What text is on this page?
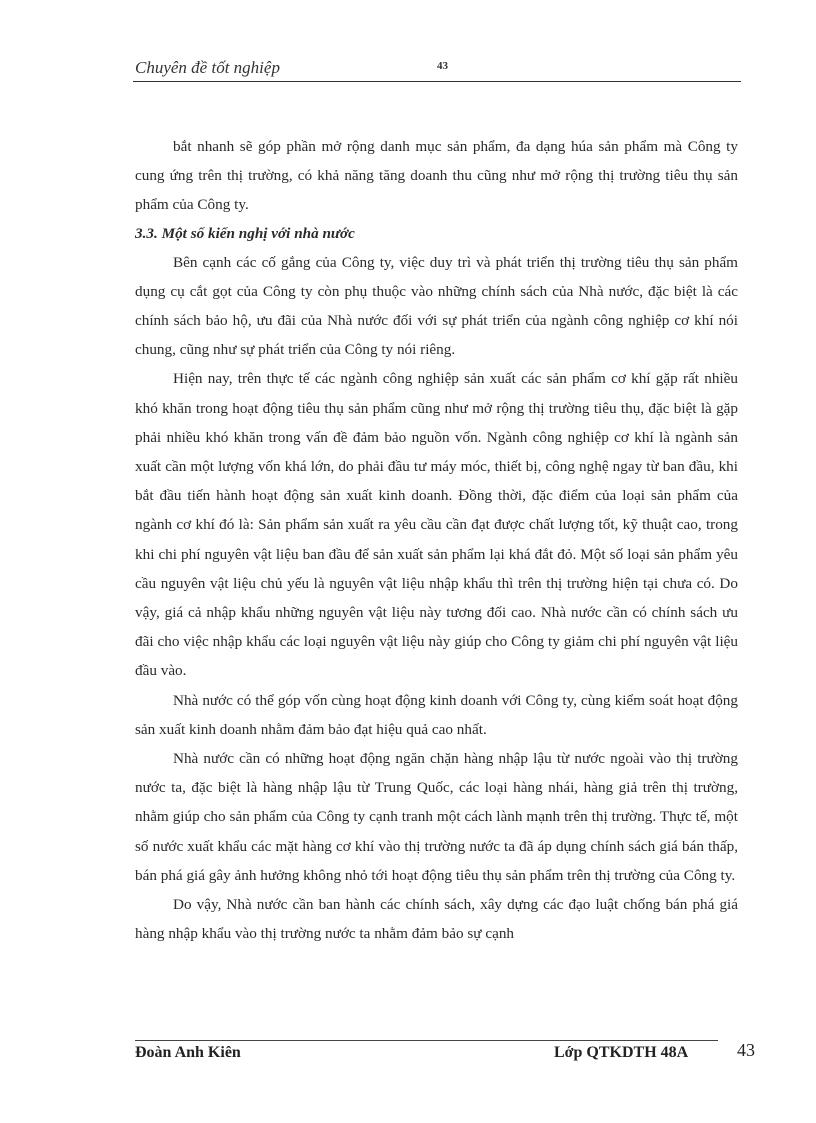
Chuyên đề tốt nghiệp	43

bắt nhanh sẽ góp phần mở rộng danh mục sản phẩm, đa dạng húa sản phẩm mà Công ty cung ứng trên thị trường, có khả năng tăng doanh thu cũng như mở rộng thị trường tiêu thụ sản phẩm của Công ty.

3.3. Một số kiến nghị với nhà nước

Bên cạnh các cố gắng của Công ty, việc duy trì và phát triển thị trường tiêu thụ sản phẩm dụng cụ cắt gọt của Công ty còn phụ thuộc vào những chính sách của Nhà nước, đặc biệt là các chính sách bảo hộ, ưu đãi của Nhà nước đối với sự phát triển của ngành công nghiệp cơ khí nói chung, cũng như sự phát triển của Công ty nói riêng.

Hiện nay, trên thực tế các ngành công nghiệp sản xuất các sản phẩm cơ khí gặp rất nhiều khó khăn trong hoạt động tiêu thụ sản phẩm cũng như mở rộng thị trường tiêu thụ, đặc biệt là gặp phải nhiều khó khăn trong vấn đề đảm bảo nguồn vốn. Ngành công nghiệp cơ khí là ngành sản xuất cần một lượng vốn khá lớn, do phải đầu tư máy móc, thiết bị, công nghệ ngay từ ban đầu, khi bắt đầu tiến hành hoạt động sản xuất kinh doanh. Đồng thời, đặc điểm của loại sản phẩm của ngành cơ khí đó là: Sản phẩm sản xuất ra yêu cầu cần đạt được chất lượng tốt, kỹ thuật cao, trong khi chi phí nguyên vật liệu ban đầu để sản xuất sản phẩm lại khá đắt đỏ. Một số loại sản phẩm yêu cầu nguyên vật liệu chủ yếu là nguyên vật liệu nhập khẩu thì trên thị trường hiện tại chưa có. Do vậy, giá cả nhập khẩu những nguyên vật liệu này tương đối cao. Nhà nước cần có chính sách ưu đãi cho việc nhập khẩu các loại nguyên vật liệu này giúp cho Công ty giảm chi phí nguyên vật liệu đầu vào.

Nhà nước có thể góp vốn cùng hoạt động kinh doanh với Công ty, cùng kiểm soát hoạt động sản xuất kinh doanh nhằm đảm bảo đạt hiệu quả cao nhất.

Nhà nước cần có những hoạt động ngăn chặn hàng nhập lậu từ nước ngoài vào thị trường nước ta, đặc biệt là hàng nhập lậu từ Trung Quốc, các loại hàng nhái, hàng giả trên thị trường, nhằm giúp cho sản phẩm của Công ty cạnh tranh một cách lành mạnh trên thị trường. Thực tế, một số nước xuất khẩu các mặt hàng cơ khí vào thị trường nước ta đã áp dụng chính sách giá bán thấp, bán phá giá gây ảnh hưởng không nhỏ tới hoạt động tiêu thụ sản phẩm trên thị trường của Công ty.

Do vậy, Nhà nước cần ban hành các chính sách, xây dựng các đạo luật chống bán phá giá hàng nhập khẩu vào thị trường nước ta nhằm đảm bảo sự cạnh

Đoàn Anh Kiên	Lớp QTKDTH 48A	43
